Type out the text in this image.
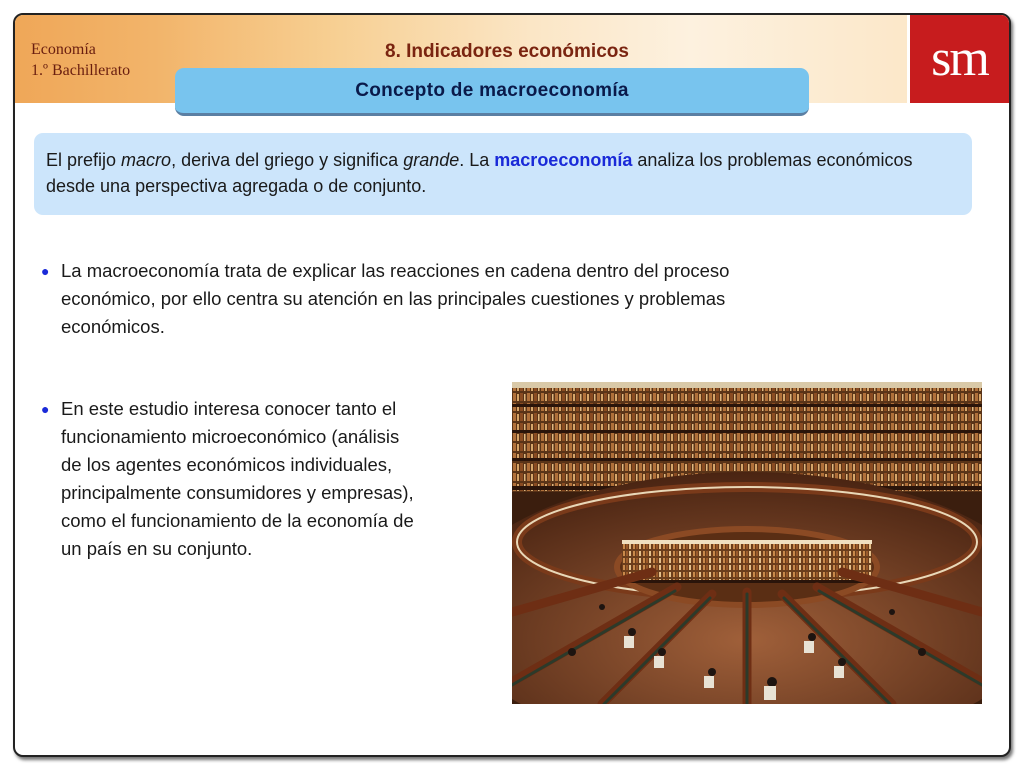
Economía
1.º Bachillerato
8. Indicadores económicos	sm
Concepto de macroeconomía
El prefijo macro, deriva del griego y significa grande. La macroeconomía analiza los problemas económicos desde una perspectiva agregada o de conjunto.
● La macroeconomía trata de explicar las reacciones en cadena dentro del proceso
económico, por ello centra su atención en las principales cuestiones y problemas
económicos.
● En este estudio interesa conocer tanto el
funcionamiento microeconómico (análisis
de los agentes económicos individuales,
principalmente consumidores y empresas),
como el funcionamiento de la economía de
un país en su conjunto.
